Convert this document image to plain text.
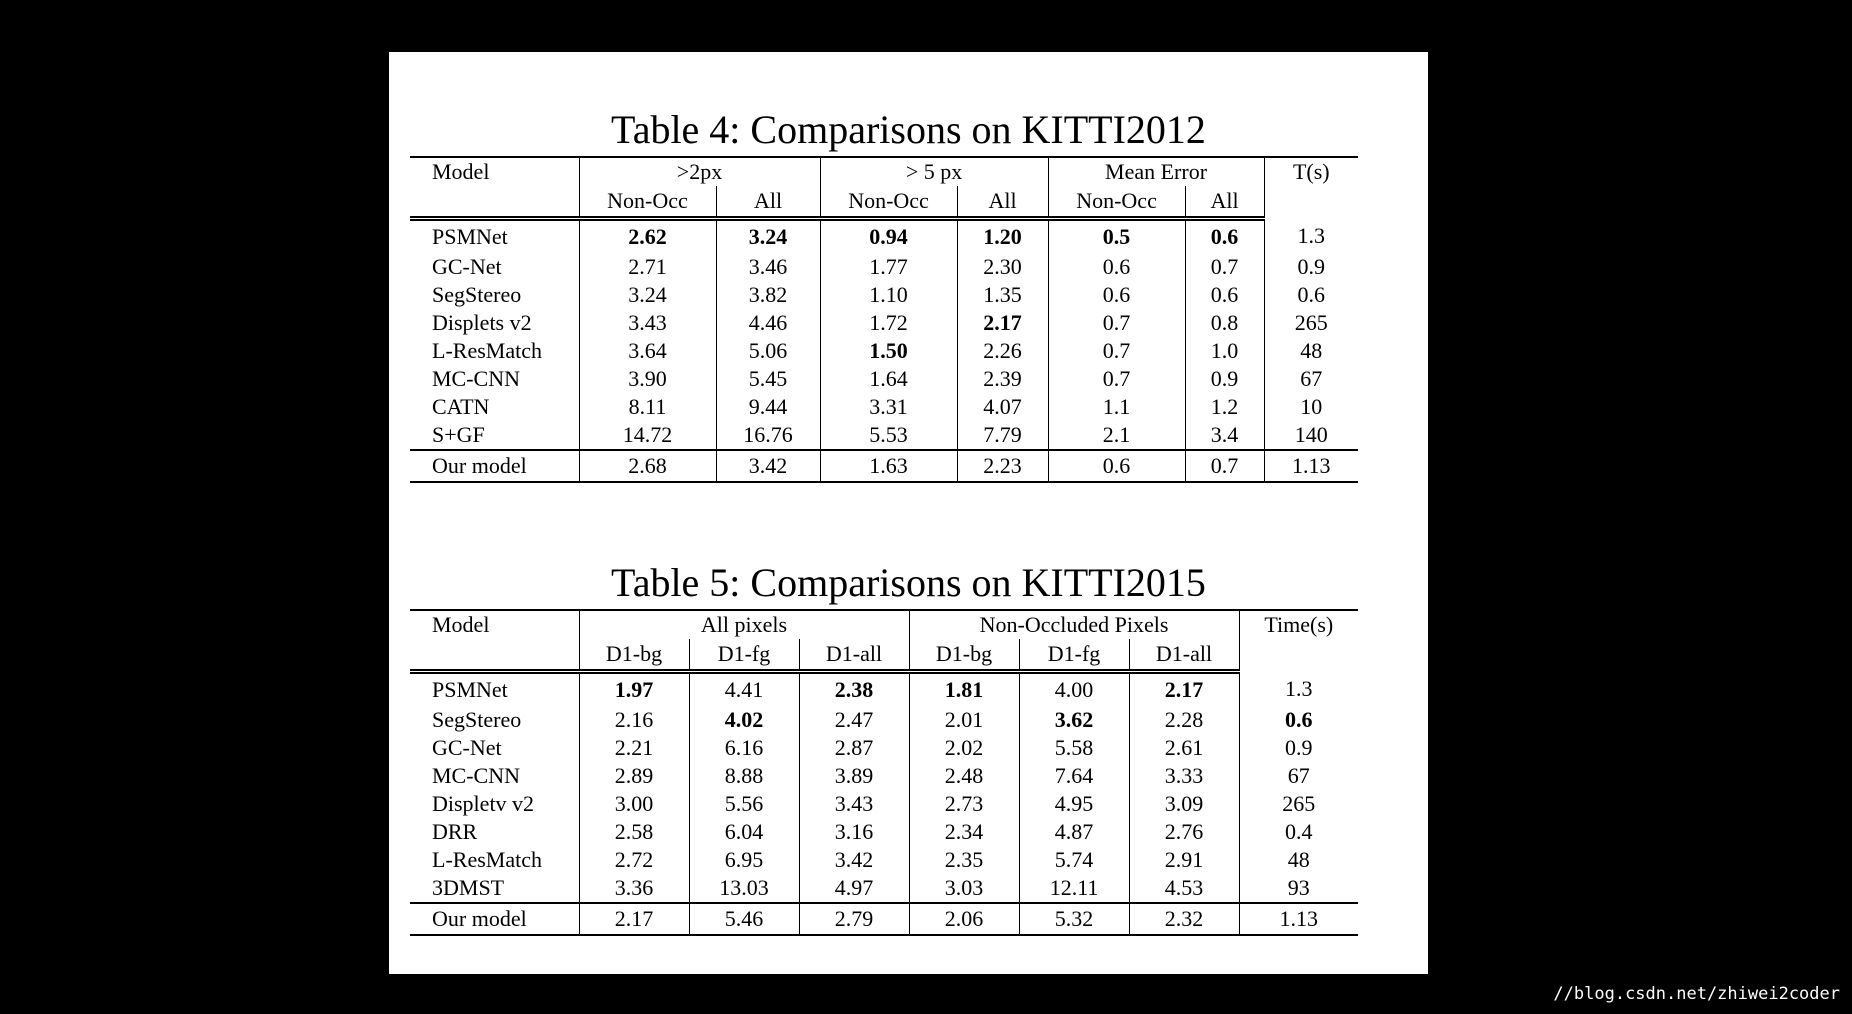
Table 4: Comparisons on KITTI2012
Model	>2px		> 5 px		Mean Error		T(s)
	Non-Occ	All	Non-Occ	All	Non-Occ	All	
PSMNet	2.62	3.24	0.94	1.20	0.5	0.6	1.3
GC-Net	2.71	3.46	1.77	2.30	0.6	0.7	0.9
SegStereo	3.24	3.82	1.10	1.35	0.6	0.6	0.6
Displets v2	3.43	4.46	1.72	2.17	0.7	0.8	265
L-ResMatch	3.64	5.06	1.50	2.26	0.7	1.0	48
MC-CNN	3.90	5.45	1.64	2.39	0.7	0.9	67
CATN	8.11	9.44	3.31	4.07	1.1	1.2	10
S+GF	14.72	16.76	5.53	7.79	2.1	3.4	140
Our model	2.68	3.42	1.63	2.23	0.6	0.7	1.13
Table 5: Comparisons on KITTI2015
Model	All pixels			Non-Occluded Pixels			Time(s)
	D1-bg	D1-fg	D1-all	D1-bg	D1-fg	D1-all	
PSMNet	1.97	4.41	2.38	1.81	4.00	2.17	1.3
SegStereo	2.16	4.02	2.47	2.01	3.62	2.28	0.6
GC-Net	2.21	6.16	2.87	2.02	5.58	2.61	0.9
MC-CNN	2.89	8.88	3.89	2.48	7.64	3.33	67
Displetv v2	3.00	5.56	3.43	2.73	4.95	3.09	265
DRR	2.58	6.04	3.16	2.34	4.87	2.76	0.4
L-ResMatch	2.72	6.95	3.42	2.35	5.74	2.91	48
3DMST	3.36	13.03	4.97	3.03	12.11	4.53	93
Our model	2.17	5.46	2.79	2.06	5.32	2.32	1.13
//blog.csdn.net/zhiwei2coder
